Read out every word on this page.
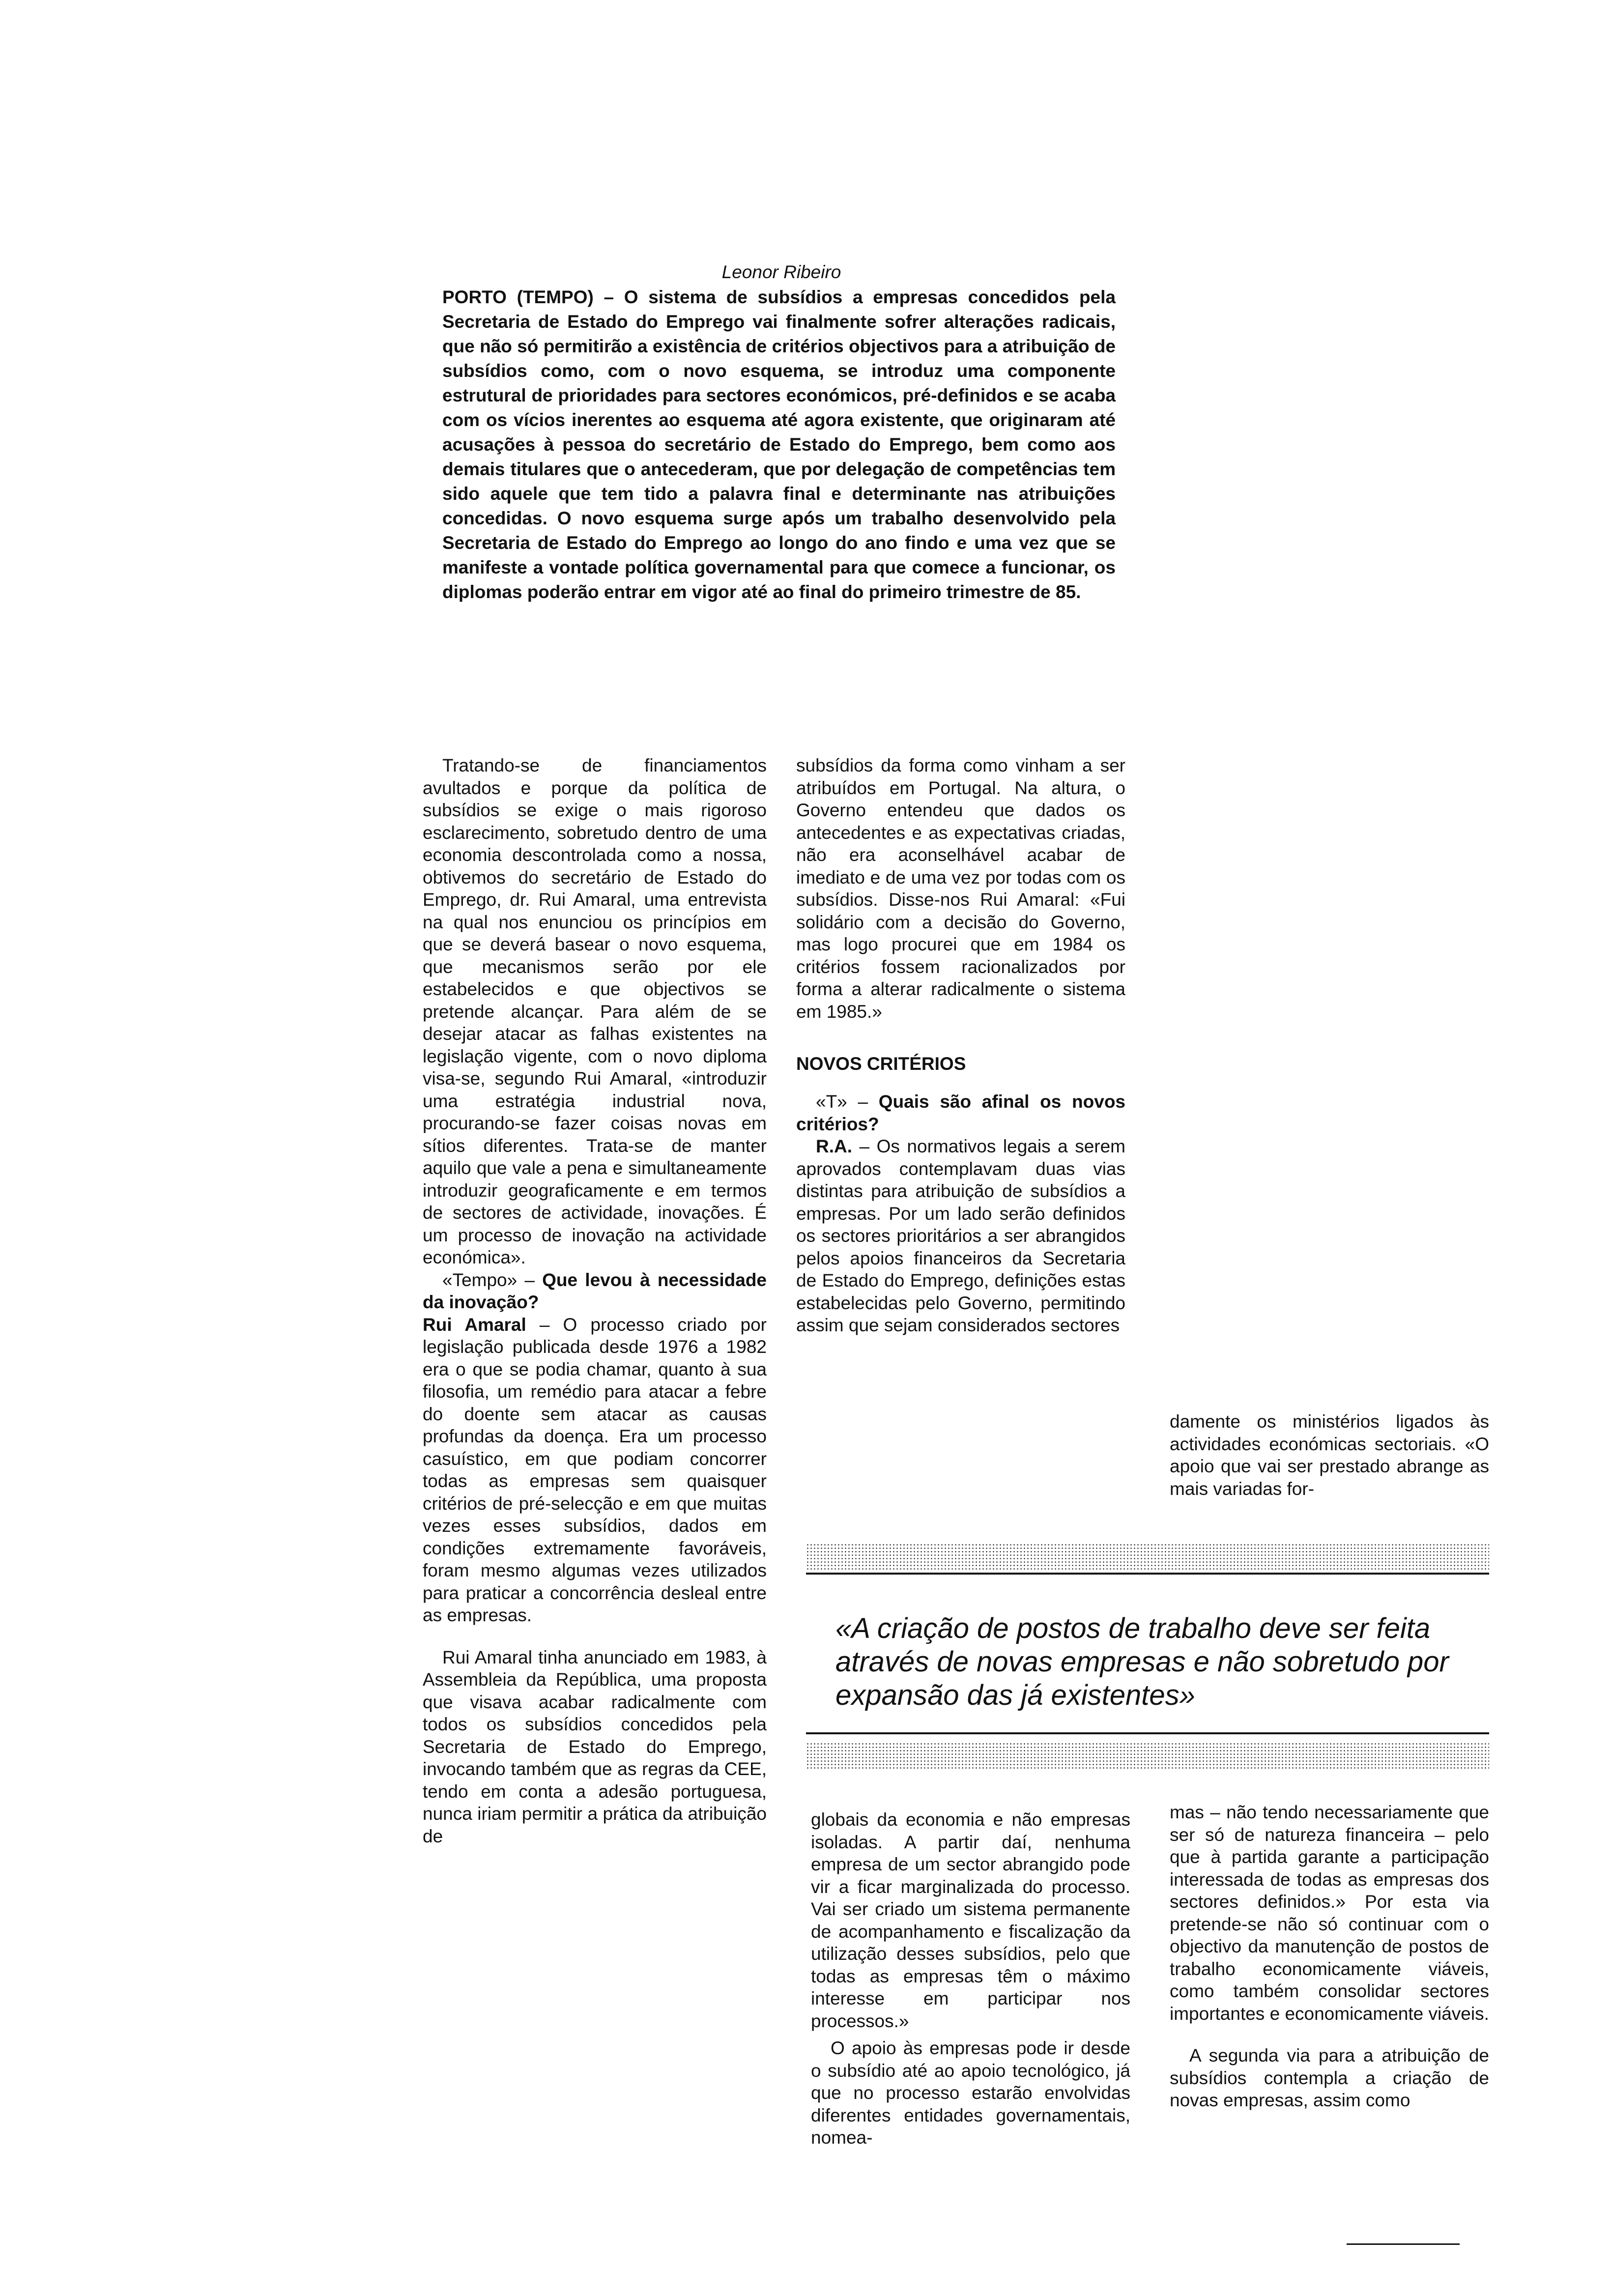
Leonor Ribeiro

PORTO (TEMPO) – O sistema de subsídios a empresas concedidos pela Secretaria de Estado do Emprego vai finalmente sofrer alterações radicais, que não só permitirão a existência de critérios objectivos para a atribuição de subsídios como, com o novo esquema, se introduz uma componente estrutural de prioridades para sectores económicos, pré-definidos e se acaba com os vícios inerentes ao esquema até agora existente, que originaram até acusações à pessoa do secretário de Estado do Emprego, bem como aos demais titulares que o antecederam, que por delegação de competências tem sido aquele que tem tido a palavra final e determinante nas atribuições concedidas. O novo esquema surge após um trabalho desenvolvido pela Secretaria de Estado do Emprego ao longo do ano findo e uma vez que se manifeste a vontade política governamental para que comece a funcionar, os diplomas poderão entrar em vigor até ao final do primeiro trimestre de 85.

Tratando-se de financiamentos avultados e porque da política de subsídios se exige o mais rigoroso esclarecimento, sobretudo dentro de uma economia descontrolada como a nossa, obtivemos do secretário de Estado do Emprego, dr. Rui Amaral, uma entrevista na qual nos enunciou os princípios em que se deverá basear o novo esquema, que mecanismos serão por ele estabelecidos e que objectivos se pretende alcançar. Para além de se desejar atacar as falhas existentes na legislação vigente, com o novo diploma visa-se, segundo Rui Amaral, «introduzir uma estratégia industrial nova, procurando-se fazer coisas novas em sítios diferentes. Trata-se de manter aquilo que vale a pena e simultaneamente introduzir geograficamente e em termos de sectores de actividade, inovações. É um processo de inovação na actividade económica».

«Tempo» – Que levou à necessidade da inovação?

Rui Amaral – O processo criado por legislação publicada desde 1976 a 1982 era o que se podia chamar, quanto à sua filosofia, um remédio para atacar a febre do doente sem atacar as causas profundas da doença. Era um processo casuístico, em que podiam concorrer todas as empresas sem quaisquer critérios de pré-selecção e em que muitas vezes esses subsídios, dados em condições extremamente favoráveis, foram mesmo algumas vezes utilizados para praticar a concorrência desleal entre as empresas.

Rui Amaral tinha anunciado em 1983, à Assembleia da República, uma proposta que visava acabar radicalmente com todos os subsídios concedidos pela Secretaria de Estado do Emprego, invocando também que as regras da CEE, tendo em conta a adesão portuguesa, nunca iriam permitir a prática da atribuição de

subsídios da forma como vinham a ser atribuídos em Portugal. Na altura, o Governo entendeu que dados os antecedentes e as expectativas criadas, não era aconselhável acabar de imediato e de uma vez por todas com os subsídios. Disse-nos Rui Amaral: «Fui solidário com a decisão do Governo, mas logo procurei que em 1984 os critérios fossem racionalizados por forma a alterar radicalmente o sistema em 1985.»

NOVOS CRITÉRIOS

«T» – Quais são afinal os novos critérios?

R.A. – Os normativos legais a serem aprovados contemplavam duas vias distintas para atribuição de subsídios a empresas. Por um lado serão definidos os sectores prioritários a ser abrangidos pelos apoios financeiros da Secretaria de Estado do Emprego, definições estas estabelecidas pelo Governo, permitindo assim que sejam considerados sectores

damente os ministérios ligados às actividades económicas sectoriais. «O apoio que vai ser prestado abrange as mais variadas for-

«A criação de postos de trabalho deve ser feita através de novas empresas e não sobretudo por expansão das já existentes»

globais da economia e não empresas isoladas. A partir daí, nenhuma empresa de um sector abrangido pode vir a ficar marginalizada do processo. Vai ser criado um sistema permanente de acompanhamento e fiscalização da utilização desses subsídios, pelo que todas as empresas têm o máximo interesse em participar nos processos.»

O apoio às empresas pode ir desde o subsídio até ao apoio tecnológico, já que no processo estarão envolvidas diferentes entidades governamentais, nomea-

mas – não tendo necessariamente que ser só de natureza financeira – pelo que à partida garante a participação interessada de todas as empresas dos sectores definidos.» Por esta via pretende-se não só continuar com o objectivo da manutenção de postos de trabalho economicamente viáveis, como também consolidar sectores importantes e economicamente viáveis.

A segunda via para a atribuição de subsídios contempla a criação de novas empresas, assim como
